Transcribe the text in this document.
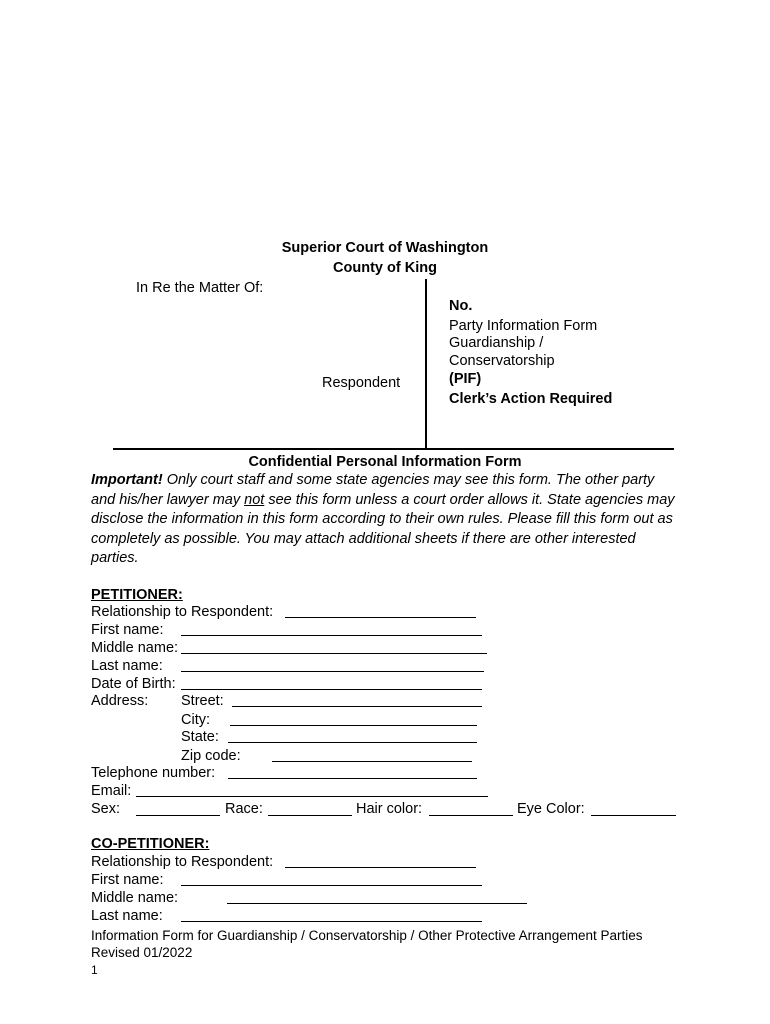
Superior Court of Washington
County of King
In Re the Matter Of:
Respondent
No.
Party Information Form
Guardianship /
Conservatorship
(PIF)
Clerk’s Action Required
Confidential Personal Information Form
Important! Only court staff and some state agencies may see this form. The other party and his/her lawyer may not see this form unless a court order allows it. State agencies may disclose the information in this form according to their own rules. Please fill this form out as completely as possible. You may attach additional sheets if there are other interested parties.
PETITIONER:
Relationship to Respondent:
First name:
Middle name:
Last name:
Date of Birth:
Address: Street:
City:
State:
Zip code:
Telephone number:
Email:
Sex:	Race:	Hair color:	Eye Color:
CO-PETITIONER:
Relationship to Respondent:
First name:
Middle name:
Last name:
Information Form for Guardianship / Conservatorship / Other Protective Arrangement Parties
Revised 01/2022
1
